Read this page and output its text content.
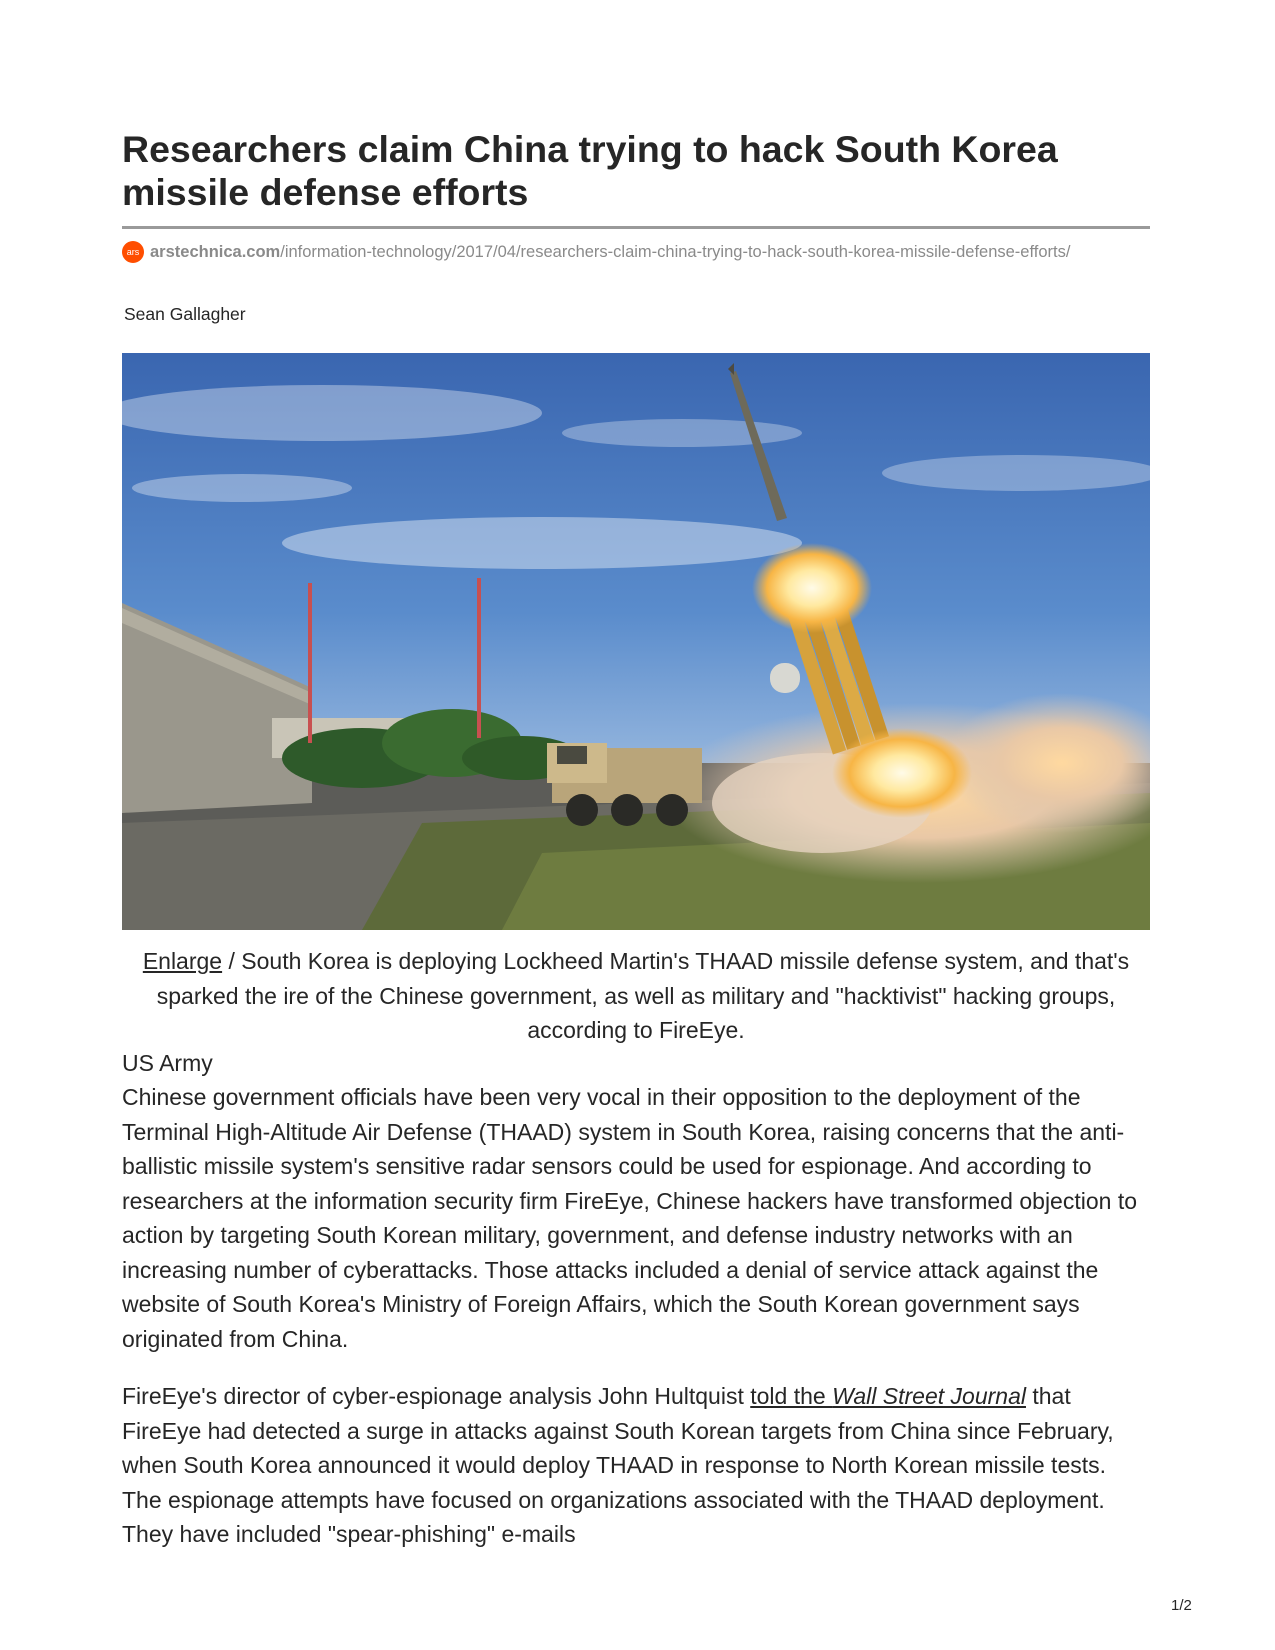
Researchers claim China trying to hack South Korea missile defense efforts
ars arstechnica.com/information-technology/2017/04/researchers-claim-china-trying-to-hack-south-korea-missile-defense-efforts/
Sean Gallagher
Enlarge / South Korea is deploying Lockheed Martin's THAAD missile defense system, and that's sparked the ire of the Chinese government, as well as military and "hacktivist" hacking groups, according to FireEye.
US Army
Chinese government officials have been very vocal in their opposition to the deployment of the Terminal High-Altitude Air Defense (THAAD) system in South Korea, raising concerns that the anti-ballistic missile system's sensitive radar sensors could be used for espionage. And according to researchers at the information security firm FireEye, Chinese hackers have transformed objection to action by targeting South Korean military, government, and defense industry networks with an increasing number of cyberattacks. Those attacks included a denial of service attack against the website of South Korea's Ministry of Foreign Affairs, which the South Korean government says originated from China.
FireEye's director of cyber-espionage analysis John Hultquist told the Wall Street Journal that FireEye had detected a surge in attacks against South Korean targets from China since February, when South Korea announced it would deploy THAAD in response to North Korean missile tests. The espionage attempts have focused on organizations associated with the THAAD deployment. They have included "spear-phishing" e-mails
1/2
